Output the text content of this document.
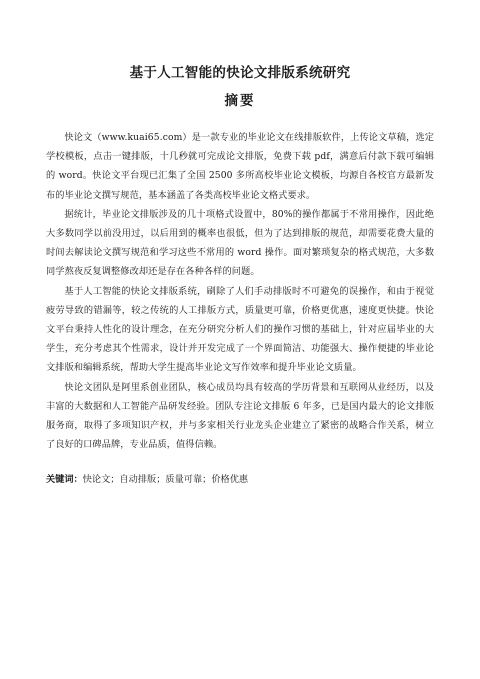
基于人工智能的快论文排版系统研究
摘要

快论文（www.kuai65.com）是一款专业的毕业论文在线排版软件，上传论文草稿，选定学校模板，点击一键排版，十几秒就可完成论文排版，免费下载 pdf，满意后付款下载可编辑的 word。快论文平台现已汇集了全国 2500 多所高校毕业论文模板，均源自各校官方最新发布的毕业论文撰写规范，基本涵盖了各类高校毕业论文格式要求。

据统计，毕业论文排版涉及的几十项格式设置中，80%的操作都属于不常用操作，因此绝大多数同学以前没用过，以后用到的概率也很低，但为了达到排版的规范，却需要花费大量的时间去解读论文撰写规范和学习这些不常用的 word 操作。面对繁琐复杂的格式规范，大多数同学熬夜反复调整修改却还是存在各种各样的问题。

基于人工智能的快论文排版系统，刷除了人们手动排版时不可避免的误操作，和由于视觉疲劳导致的错漏等，较之传统的人工排版方式，质量更可靠，价格更优惠，速度更快捷。快论文平台秉持人性化的设计理念，在充分研究分析人们的操作习惯的基础上，针对应届毕业的大学生，充分考虑其个性需求，设计并开发完成了一个界面简洁、功能强大、操作便捷的毕业论文排版和编辑系统，帮助大学生提高毕业论文写作效率和提升毕业论文质量。

快论文团队是阿里系创业团队，核心成员均具有较高的学历背景和互联网从业经历，以及丰富的大数据和人工智能产品研发经验。团队专注论文排版 6 年多，已是国内最大的论文排版服务商，取得了多项知识产权，并与多家相关行业龙头企业建立了紧密的战略合作关系，树立了良好的口碑品牌，专业品质，值得信赖。

关键词：快论文；自动排版；质量可靠；价格优惠
